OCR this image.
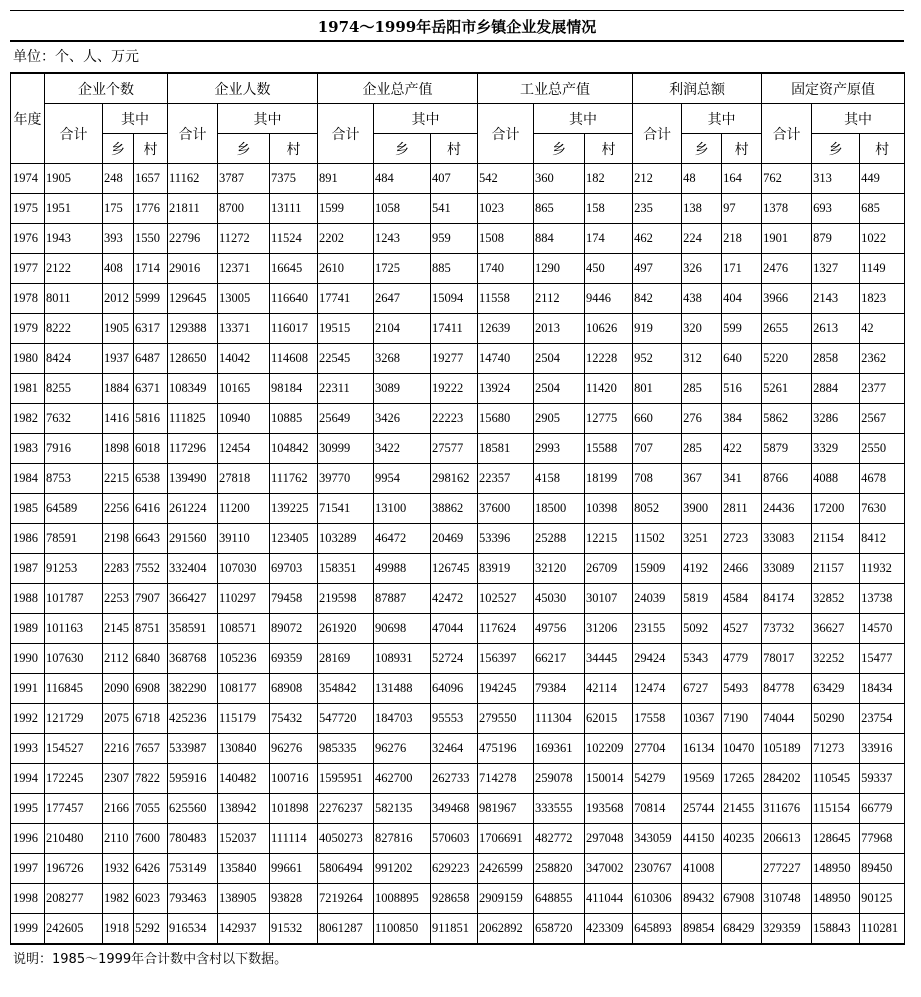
1974～1999年岳阳市乡镇企业发展情况
单位：个、人、万元
年度	企业个数			企业人数			企业总产值			工业总产值			利润总额			固定资产原值		
	合计	其中		合计	其中		合计	其中		合计	其中		合计	其中		合计	其中	
		乡	村		乡	村		乡	村		乡	村		乡	村		乡	村
1974	1905	248	1657	11162	3787	7375	891	484	407	542	360	182	212	48	164	762	313	449
1975	1951	175	1776	21811	8700	13111	1599	1058	541	1023	865	158	235	138	97	1378	693	685
1976	1943	393	1550	22796	11272	11524	2202	1243	959	1508	884	174	462	224	218	1901	879	1022
1977	2122	408	1714	29016	12371	16645	2610	1725	885	1740	1290	450	497	326	171	2476	1327	1149
1978	8011	2012	5999	129645	13005	116640	17741	2647	15094	11558	2112	9446	842	438	404	3966	2143	1823
1979	8222	1905	6317	129388	13371	116017	19515	2104	17411	12639	2013	10626	919	320	599	2655	2613	42
1980	8424	1937	6487	128650	14042	114608	22545	3268	19277	14740	2504	12228	952	312	640	5220	2858	2362
1981	8255	1884	6371	108349	10165	98184	22311	3089	19222	13924	2504	11420	801	285	516	5261	2884	2377
1982	7632	1416	5816	111825	10940	10885	25649	3426	22223	15680	2905	12775	660	276	384	5862	3286	2567
1983	7916	1898	6018	117296	12454	104842	30999	3422	27577	18581	2993	15588	707	285	422	5879	3329	2550
1984	8753	2215	6538	139490	27818	111762	39770	9954	298162	22357	4158	18199	708	367	341	8766	4088	4678
1985	64589	2256	6416	261224	11200	139225	71541	13100	38862	37600	18500	10398	8052	3900	2811	24436	17200	7630
1986	78591	2198	6643	291560	39110	123405	103289	46472	20469	53396	25288	12215	11502	3251	2723	33083	21154	8412
1987	91253	2283	7552	332404	107030	69703	158351	49988	126745	83919	32120	26709	15909	4192	2466	33089	21157	11932
1988	101787	2253	7907	366427	110297	79458	219598	87887	42472	102527	45030	30107	24039	5819	4584	84174	32852	13738
1989	101163	2145	8751	358591	108571	89072	261920	90698	47044	117624	49756	31206	23155	5092	4527	73732	36627	14570
1990	107630	2112	6840	368768	105236	69359	28169	108931	52724	156397	66217	34445	29424	5343	4779	78017	32252	15477
1991	116845	2090	6908	382290	108177	68908	354842	131488	64096	194245	79384	42114	12474	6727	5493	84778	63429	18434
1992	121729	2075	6718	425236	115179	75432	547720	184703	95553	279550	111304	62015	17558	10367	7190	74044	50290	23754
1993	154527	2216	7657	533987	130840	96276	985335	96276	32464	475196	169361	102209	27704	16134	10470	105189	71273	33916
1994	172245	2307	7822	595916	140482	100716	1595951	462700	262733	714278	259078	150014	54279	19569	17265	284202	110545	59337
1995	177457	2166	7055	625560	138942	101898	2276237	582135	349468	981967	333555	193568	70814	25744	21455	311676	115154	66779
1996	210480	2110	7600	780483	152037	111114	4050273	827816	570603	1706691	482772	297048	343059	44150	40235	206613	128645	77968
1997	196726	1932	6426	753149	135840	99661	5806494	991202	629223	2426599	258820	347002	230767	41008		277227	148950	89450
1998	208277	1982	6023	793463	138905	93828	7219264	1008895	928658	2909159	648855	411044	610306	89432	67908	310748	148950	90125
1999	242605	1918	5292	916534	142937	91532	8061287	1100850	911851	2062892	658720	423309	645893	89854	68429	329359	158843	110281
说明：1985～1999年合计数中含村以下数据。
